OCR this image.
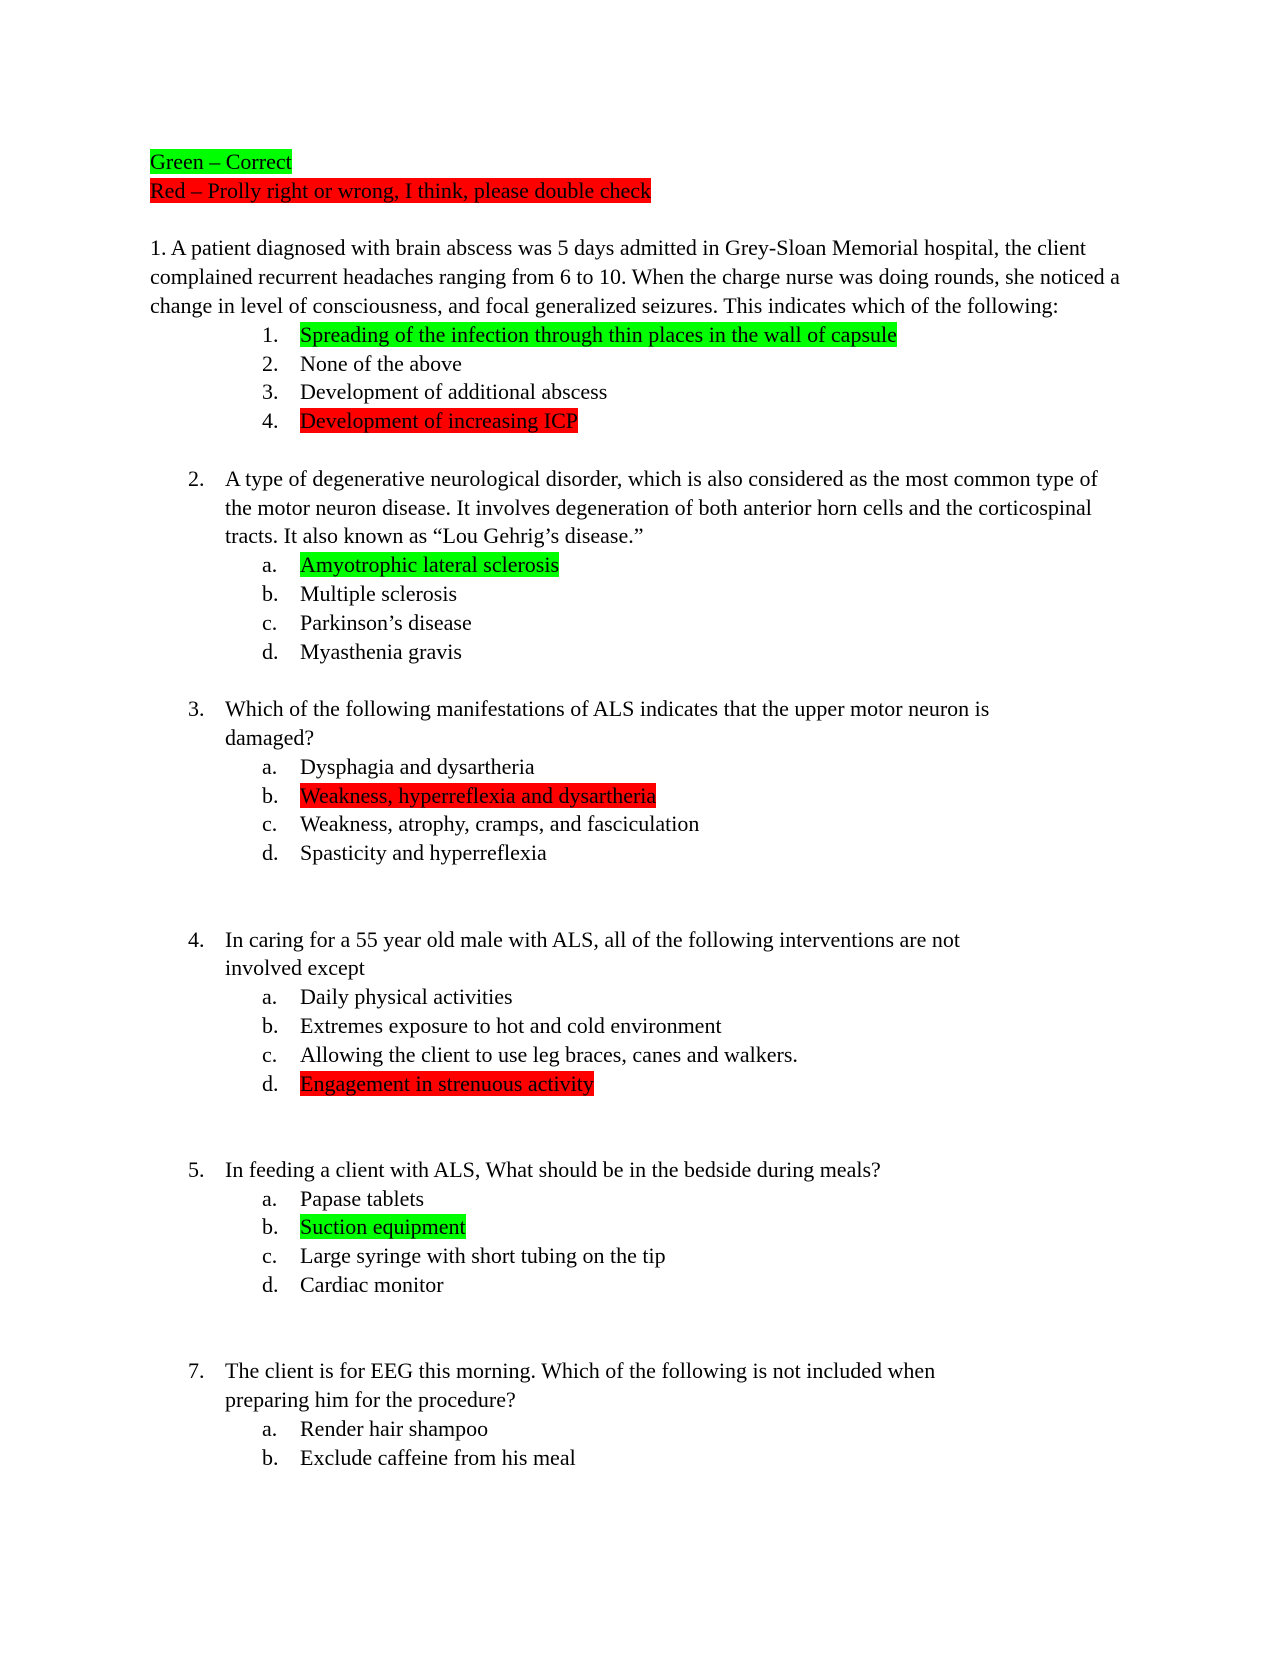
Green – Correct
Red – Prolly right or wrong, I think, please double check
1. A patient diagnosed with brain abscess was 5 days admitted in Grey-Sloan Memorial hospital, the client complained recurrent headaches ranging from 6 to 10. When the charge nurse was doing rounds, she noticed a change in level of consciousness, and focal generalized seizures. This indicates which of the following:
1. Spreading of the infection through thin places in the wall of capsule
2. None of the above
3. Development of additional abscess
4. Development of increasing ICP
2. A type of degenerative neurological disorder, which is also considered as the most common type of the motor neuron disease. It involves degeneration of both anterior horn cells and the corticospinal tracts. It also known as “Lou Gehrig’s disease.”
a. Amyotrophic lateral sclerosis
b. Multiple sclerosis
c. Parkinson’s disease
d. Myasthenia gravis
3. Which of the following manifestations of ALS indicates that the upper motor neuron is damaged?
a. Dysphagia and dysartheria
b. Weakness, hyperreflexia and dysartheria
c. Weakness, atrophy, cramps, and fasciculation
d. Spasticity and hyperreflexia
4. In caring for a 55 year old male with ALS, all of the following interventions are not involved except
a. Daily physical activities
b. Extremes exposure to hot and cold environment
c. Allowing the client to use leg braces, canes and walkers.
d. Engagement in strenuous activity
5. In feeding a client with ALS, What should be in the bedside during meals?
a. Papase tablets
b. Suction equipment
c. Large syringe with short tubing on the tip
d. Cardiac monitor
7. The client is for EEG this morning. Which of the following is not included when preparing him for the procedure?
a. Render hair shampoo
b. Exclude caffeine from his meal
